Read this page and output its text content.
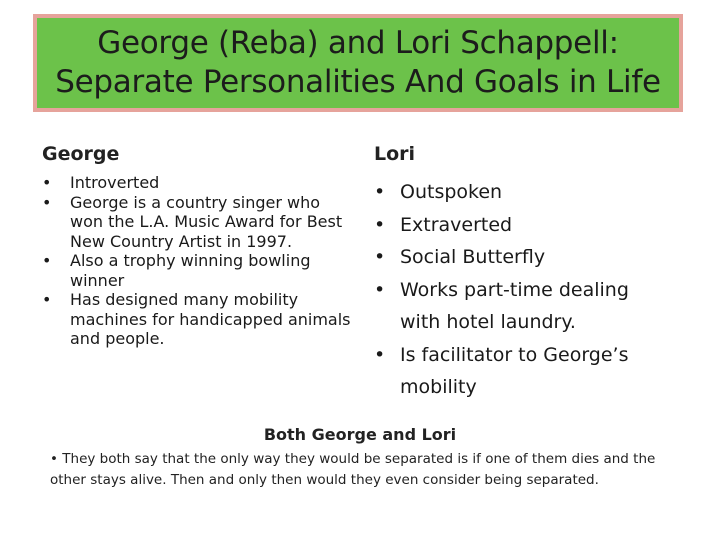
George (Reba) and Lori Schappell:
Separate Personalities And Goals in Life
George	Lori
• Introverted
• George is a country singer who won the L.A. Music Award for Best New Country Artist in 1997.
• Also a trophy winning bowling winner
• Has designed many mobility machines for handicapped animals and people.
• Outspoken
• Extraverted
• Social Butterfly
• Works part-time dealing with hotel laundry.
• Is facilitator to George’s mobility
Both George and Lori
• They both say that the only way they would be separated is if one of them dies and the other stays alive. Then and only then would they even consider being separated.
